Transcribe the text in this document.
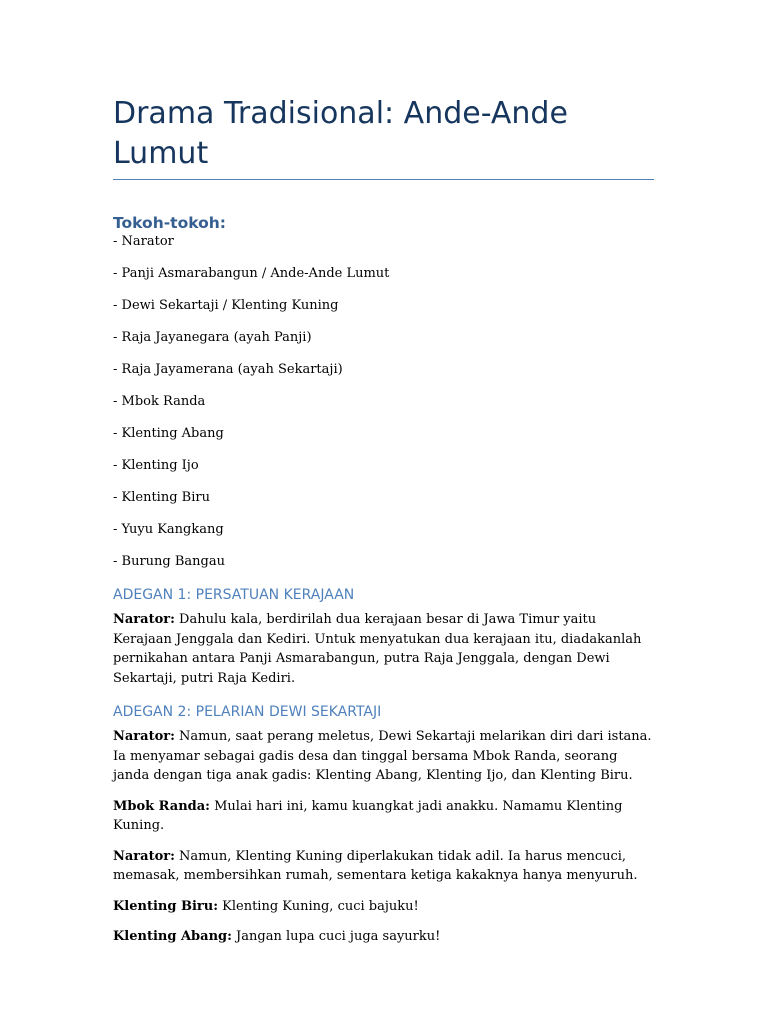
Drama Tradisional: Ande-Ande Lumut
Tokoh-tokoh:
- Narator
- Panji Asmarabangun / Ande-Ande Lumut
- Dewi Sekartaji / Klenting Kuning
- Raja Jayanegara (ayah Panji)
- Raja Jayamerana (ayah Sekartaji)
- Mbok Randa
- Klenting Abang
- Klenting Ijo
- Klenting Biru
- Yuyu Kangkang
- Burung Bangau
ADEGAN 1: PERSATUAN KERAJAAN

Narator: Dahulu kala, berdirilah dua kerajaan besar di Jawa Timur yaitu Kerajaan Jenggala dan Kediri. Untuk menyatukan dua kerajaan itu, diadakanlah pernikahan antara Panji Asmarabangun, putra Raja Jenggala, dengan Dewi Sekartaji, putri Raja Kediri.

ADEGAN 2: PELARIAN DEWI SEKARTAJI

Narator: Namun, saat perang meletus, Dewi Sekartaji melarikan diri dari istana. Ia menyamar sebagai gadis desa dan tinggal bersama Mbok Randa, seorang janda dengan tiga anak gadis: Klenting Abang, Klenting Ijo, dan Klenting Biru.

Mbok Randa: Mulai hari ini, kamu kuangkat jadi anakku. Namamu Klenting Kuning.

Narator: Namun, Klenting Kuning diperlakukan tidak adil. Ia harus mencuci, memasak, membersihkan rumah, sementara ketiga kakaknya hanya menyuruh.

Klenting Biru: Klenting Kuning, cuci bajuku!

Klenting Abang: Jangan lupa cuci juga sayurku!
